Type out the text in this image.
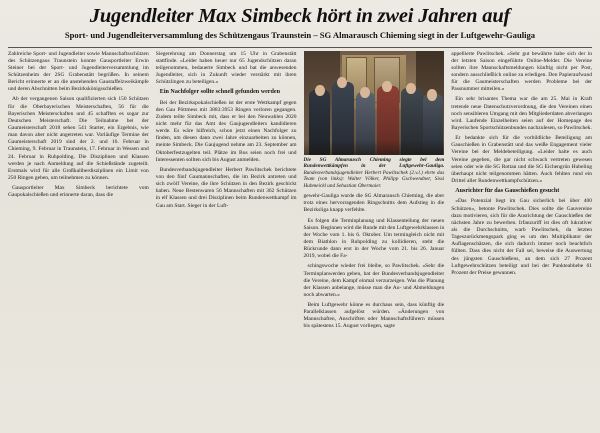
Jugendleiter Max Simbeck hört in zwei Jahren auf
Sport- und Jugendleiterversammlung des Schützengaus Traunstein – SG Almarausch Chieming siegt in der Luftgewehr-Gauliga

Zahlreiche Sport- und Jugendleiter sowie Mannschaftsschützen des Schützengaus Traunstein konnte Gausportleiter Erwin Steiner bei der Sport- und Jugendleiterversammlung im Schützenheim der 2SG Grabenstätt begrüßen. In seinem Bericht erinnerte er an die anstehenden Gaustaffelzweikämpfe und deren Abschnitten beim Bezirkskönigsschießen.

Ab der vergangenen Saison qualifizierten sich 150 Schützen für die Oberbayerischen Meisterschaften, 56 für die Bayerischen Meisterschaften und 45 schafften es sogar zur Deutschen Meisterschaft. Die Teilnahme bei der Gaumeisterschaft 2018 sehen 541 Starter, ein Ergebnis, wie man davon aber nicht angetreten war. Vorläufige Termine der Gaumeisterschaft 2019 sind der 2. und 16. Februar in Chieming, 9. Februar in Traunstein, 17. Februar in Wessen und 24. Februar in Ruhpolding. Die Disziplinen und Klassen werden je nach Anmeldung auf die Schießstände zugeteilt. Erstmals wird für alle Großkaliberdisziplinen ein Limit von 250 Ringen geben, um teilnehmen zu können.

Gausportleiter Max Simbeck berichtete vom Gaupokalschießen und erinnerte daran, dass die

Siegerehrung am Donnerstag um 15 Uhr in Grabenstätt stattfinde. «Leider haben heuer nur 65 Jugendschützen daran teilgenommen, bedauerte Simbeck und bat die anwesenden Jugendleiter, sich in Zukunft wieder verstärkt mit ihren Schützlingen zu beteiligen.»

Ein Nachfolger sollte schnell gefunden werden

Bei der Bezirkspokalschießen ist der erste Wettkampf gegen den Gau Pöttmess mit 3883:3953 Ringen verloren gegangen. Zudem teilte Simbeck mit, dass er bei den Neuwahlen 2020 nicht mehr für das Amt des Gaujugendleiters kandidieren werde. Es wäre hilfreich, schon jetzt einen Nachfolger zu finden, um diesen dann zwei Jahre einzuarbeiten zu können, meinte Simbeck. Die Gaujugend nehme am 23. September am Oktoberfestzugelten teil. Plätze im Bus seien noch frei und Interessenten sollten sich bis August anmelden.

Bundesverbandsjugendleiter Herbert Pawlitschek berichtete von den fünf Gaumannschaften, die im Bezirk antreten und sich zwölf Vereine, die ihre Schützen in den Bezirk geschickt haben. Neue Bestenwaren 56 Mannschaften mit 362 Schützen in elf Klassen und drei Disziplinen beim Rundenwettkampf im Gau am Start. Sieger in der Luft-

Die SG Almarausch Chieming siegte bei dem Rundenwettkämpfen in der Luftgewehr-Gauliga. Bundesverbandsjugendleiter Herbert Pawlitschek (2.v.l.) ehrte das Team (von links): Walter Völker, Philipp Gschwendner, Sissi Hubmeickl und Sebastian Obermaier.

gewehr-Gauliga wurde die SG Almarausch Chieming, die aber trotz eines hervorragenden Ringschnitts dem Aufstieg in die Bezirksliga knapp verfehlte.

Es folgen die Terminplanung und Klassenteilung der neuen Saison. Beginnen wird die Runde mit den Luftgewehrklassen in der Woche vom 1. bis 6. Oktober. Um termingleich nicht mit dem Biathlon in Ruhpolding zu kollidieren, steht die Rückrunde dann erst in der Woche vom 21. bis 26. Januar 2019, wobei die Fa-

schingswoche wieder frei bleibe, so Pawlitschek. «Sehr die Terminplanwerden geben, bat der Bundesverbandsjugendleiter die Vereine, dem Kampf einmal verzurzeigen. Was die Planung der Klassen anbelange, müsse man die Au- und Abmeldungen noch abwarten.»

Beim Luftgewehr könne es durchaus sein, dass künftig die Parallelklassen aufgelöst würden. «Änderungen von Mannschaften, Anschriften oder Mannschaftsführern müssen bis spätestens 15. August vorliegen, sagte

appellierte Pawlitschek. «Sehr gut bewährte habe sich der in der letzten Saison eingeführte Online-Melder. Die Vereine sollten ihre Mannschaftsmeldungen künftig nicht per Post, sondern ausschließlich online zu erledigen. Den Papieraufwand für die Gaumeisterschaften werden Probleme bei der Passnummer mitteilen.»

Ein sehr brisantes Thema war die am 25. Mai in Kraft tretende neue Datenschutzverordnung, die den Vereinen einen noch sensibleren Umgang mit den Mitgliederdaten abverlangen wird. Laufende Einzelheiten seien auf der Homepage des Bayerischen Sportschützenbundes nachzulesen, so Pawlitschek.

Er bedankte sich für die vorbildliche Beteiligung am Gauschießen in Grabenstätt und das weiße Engagement vieler Vereine bei der Meldebeteiligung. «Leider halte es auch Vereine gegeben, die gar nicht schwach vertreten gewesen seien oder wie die SG Rottau und die SG Eichengrün Hubeling überhaupt nicht teilgenommen hätten. Auch fehlten rund ein Drittel aller Rundenwettkampfschützen.»

Ausrichter für das Gauschießen gesucht

«Das Potenzial liegt im Gau sicherlich bei über 400 Schützen», betonte Pawlitschek. Dies sollte die Gauvereine dazu motivieren, sich für die Ausrichtung der Gauschießen der nächsten Jahre zu bewerben. Irfanzuriff ist dies oft lukrativer als die Durchschnitts, warb Pawlitschek, da letzten Tageszurückmengspark ging es um den Multiplikator der Auflagenschätzen, die sich dadurch immer noch beachtlich füllten. Dass dies nicht der Fall sei, beweise die Auswertung des jüngsten Gauschießens, an dem sich 27 Prozent Luftgewehrschützen beteiligt und bei der Punkteabhebe 61 Prozent der Preise gewannen.
